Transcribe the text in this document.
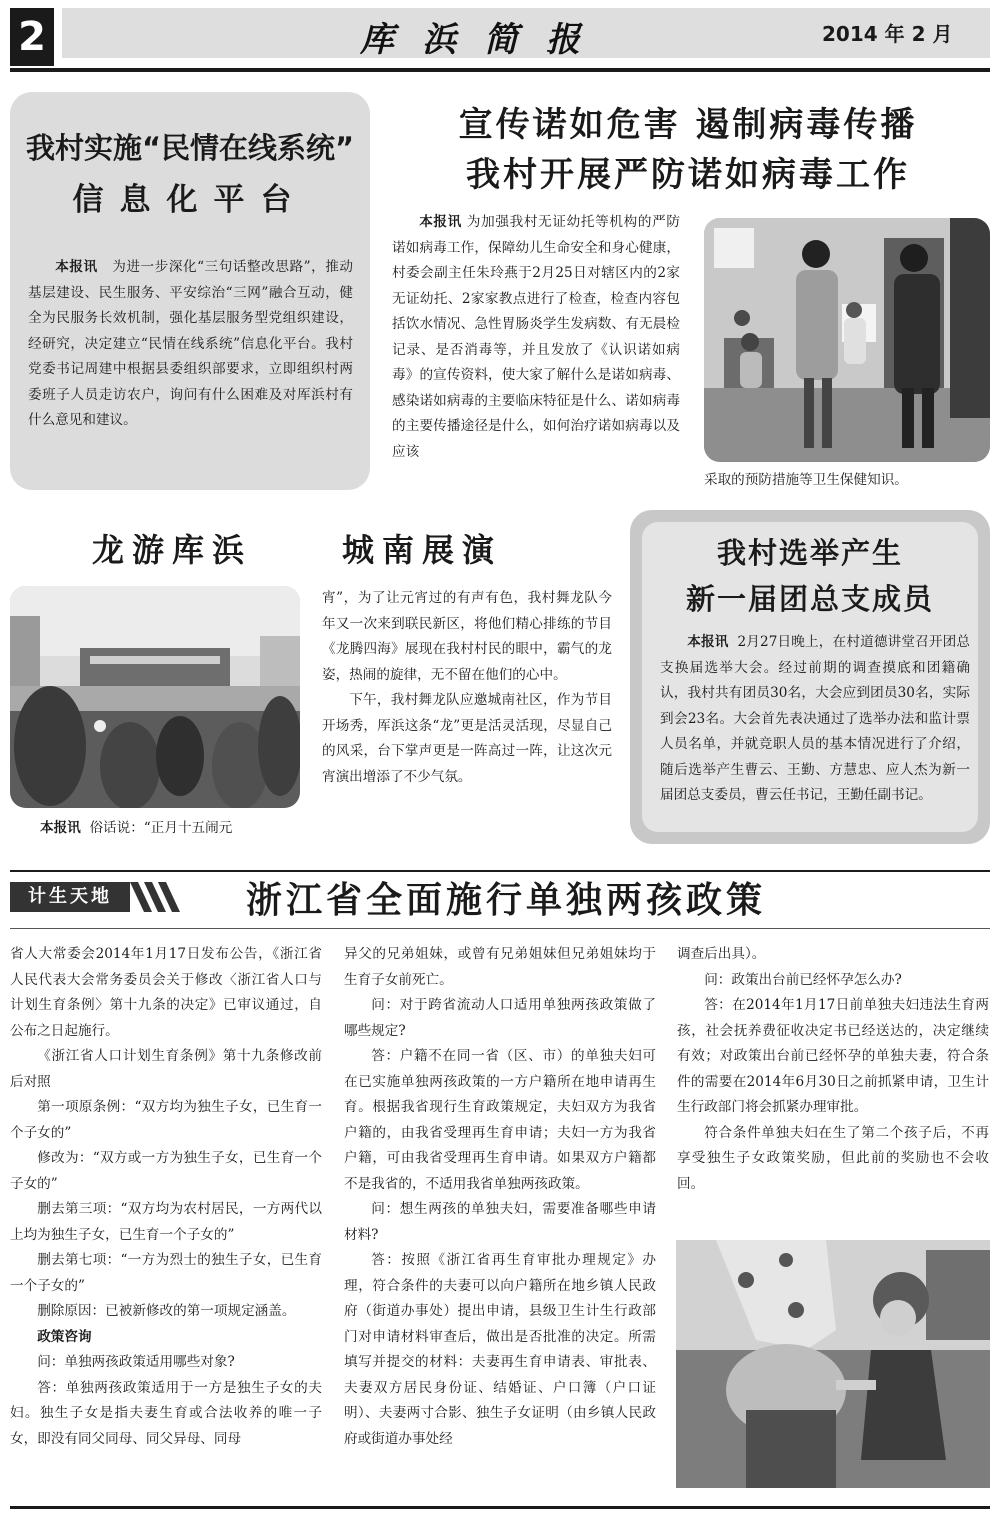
2	库浜简报	2014 年 2 月
我村实施“民情在线系统”
信息化平台

本报讯 为进一步深化“三句话整改思路”，推动基层建设、民生服务、平安综治“三网”融合互动，健全为民服务长效机制，强化基层服务型党组织建设，经研究，决定建立“民情在线系统”信息化平台。我村党委书记周建中根据县委组织部要求，立即组织村两委班子人员走访农户，询问有什么困难及对厍浜村有什么意见和建议。

宣传诺如危害 遏制病毒传播
我村开展严防诺如病毒工作

本报讯 为加强我村无证幼托等机构的严防诺如病毒工作，保障幼儿生命安全和身心健康，村委会副主任朱玲燕于2月25日对辖区内的2家无证幼托、2家家教点进行了检查，检查内容包括饮水情况、急性胃肠炎学生发病数、有无晨检记录、是否消毒等，并且发放了《认识诺如病毒》的宣传资料，使大家了解什么是诺如病毒、感染诺如病毒的主要临床特征是什么、诺如病毒的主要传播途径是什么，如何治疗诺如病毒以及应该

采取的预防措施等卫生保健知识。
龙游库浜	城南展演

本报讯 俗话说：“正月十五闹元

宵”，为了让元宵过的有声有色，我村舞龙队今年又一次来到联民新区，将他们精心排练的节目《龙腾四海》展现在我村村民的眼中，霸气的龙姿，热闹的旋律，无不留在他们的心中。

下午，我村舞龙队应邀城南社区，作为节目开场秀，厍浜这条“龙”更是活灵活现，尽显自己的风采，台下掌声更是一阵高过一阵，让这次元宵演出增添了不少气氛。

我村选举产生
新一届团总支成员

本报讯 2月27日晚上，在村道德讲堂召开团总支换届选举大会。经过前期的调查摸底和团籍确认，我村共有团员30名，大会应到团员30名，实际到会23名。大会首先表决通过了选举办法和监计票人员名单，并就竞职人员的基本情况进行了介绍，随后选举产生曹云、王勤、方慧忠、应人杰为新一届团总支委员，曹云任书记，王勤任副书记。

计生天地	浙江省全面施行单独两孩政策

省人大常委会2014年1月17日发布公告，《浙江省人民代表大会常务委员会关于修改〈浙江省人口与计划生育条例〉第十九条的决定》已审议通过，自公布之日起施行。

《浙江省人口计划生育条例》第十九条修改前后对照

第一项原条例：“双方均为独生子女，已生育一个子女的”

修改为：“双方或一方为独生子女，已生育一个子女的”

删去第三项：“双方均为农村居民，一方两代以上均为独生子女，已生育一个子女的”

删去第七项：“一方为烈士的独生子女，已生育一个子女的”

删除原因：已被新修改的第一项规定涵盖。

政策咨询

问：单独两孩政策适用哪些对象?

答：单独两孩政策适用于一方是独生子女的夫妇。独生子女是指夫妻生育或合法收养的唯一子女，即没有同父同母、同父异母、同母

异父的兄弟姐妹，或曾有兄弟姐妹但兄弟姐妹均于生育子女前死亡。

问：对于跨省流动人口适用单独两孩政策做了哪些规定?

答：户籍不在同一省（区、市）的单独夫妇可在已实施单独两孩政策的一方户籍所在地申请再生育。根据我省现行生育政策规定，夫妇双方为我省户籍的，由我省受理再生育申请；夫妇一方为我省户籍，可由我省受理再生育申请。如果双方户籍都不是我省的，不适用我省单独两孩政策。

问：想生两孩的单独夫妇，需要准备哪些申请材料?

答：按照《浙江省再生育审批办理规定》办理，符合条件的夫妻可以向户籍所在地乡镇人民政府（街道办事处）提出申请，县级卫生计生行政部门对申请材料审查后，做出是否批准的决定。所需填写并提交的材料：夫妻再生育申请表、审批表、夫妻双方居民身份证、结婚证、户口簿（户口证明）、夫妻两寸合影、独生子女证明（由乡镇人民政府或街道办事处经

调查后出具）。

问：政策出台前已经怀孕怎么办?

答：在2014年1月17日前单独夫妇违法生育两孩，社会抚养费征收决定书已经送达的，决定继续有效；对政策出台前已经怀孕的单独夫妻，符合条件的需要在2014年6月30日之前抓紧申请，卫生计生行政部门将会抓紧办理审批。

符合条件单独夫妇在生了第二个孩子后，不再享受独生子女政策奖励，但此前的奖励也不会收回。
